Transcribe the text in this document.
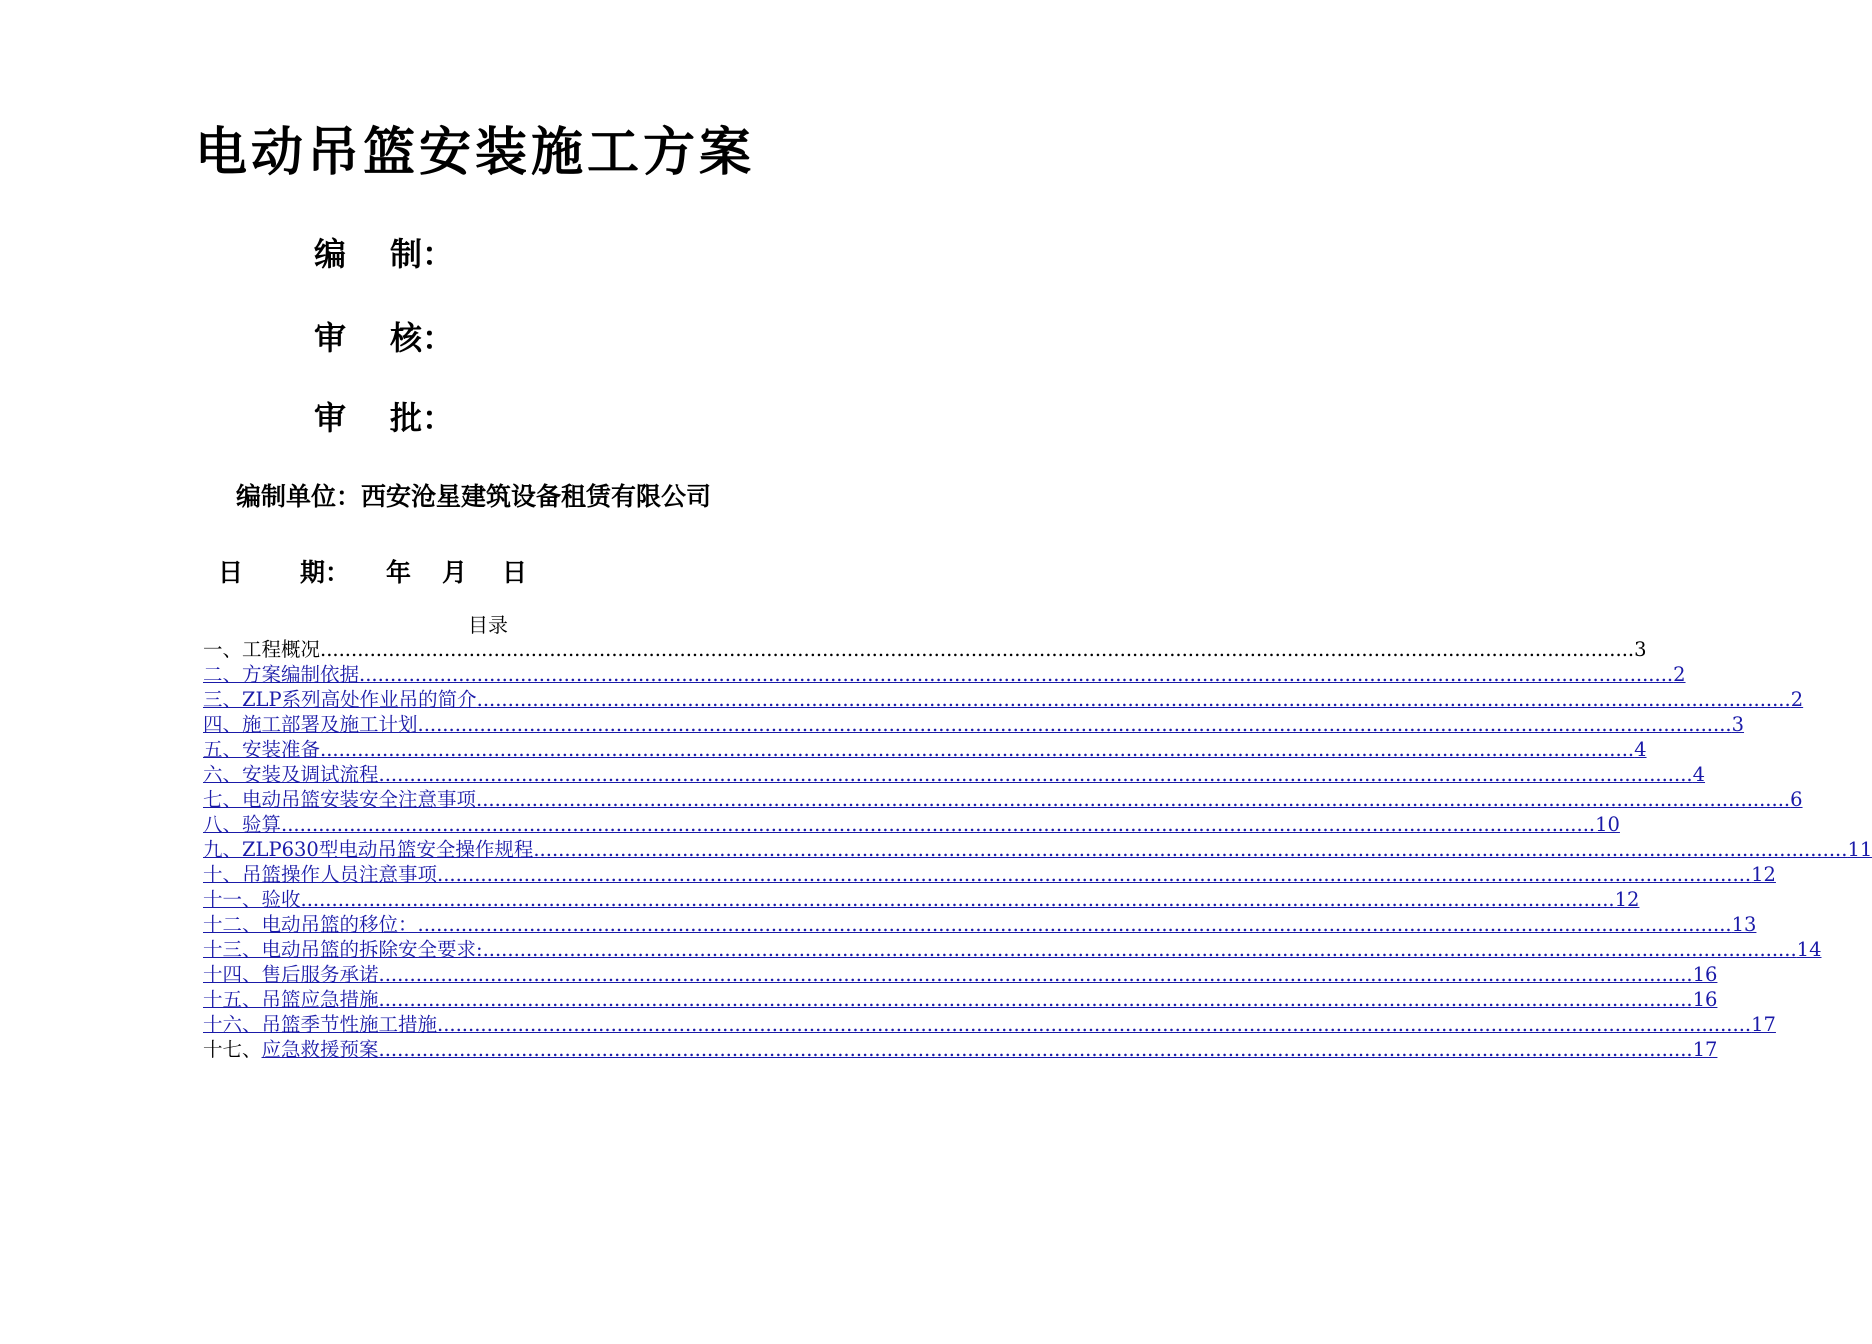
电动吊篮安装施工方案
编 制：
审 核：
审 批：
编制单位：西安沧星建筑设备租赁有限公司
日 期： 年 月 日
目录
一、工程概况 .....	3
二、方案编制依据 .....	2
三、ZLP系列高处作业吊的简介 .....	2
四、施工部署及施工计划 .....	3
五、安装准备 .....	4
六、安装及调试流程 .....	4
七、电动吊篮安装安全注意事项 .....	6
八、验算 .....	10
九、ZLP630型电动吊篮安全操作规程 .....	11
十、吊篮操作人员注意事项 .....	12
十一、验收 .....	12
十二、电动吊篮的移位： .....	13
十三、电动吊篮的拆除安全要求: .....	14
十四、售后服务承诺 .....	16
十五、吊篮应急措施 .....	16
十六、吊篮季节性施工措施 .....	17
十七、 应急救援预案 .....	17
